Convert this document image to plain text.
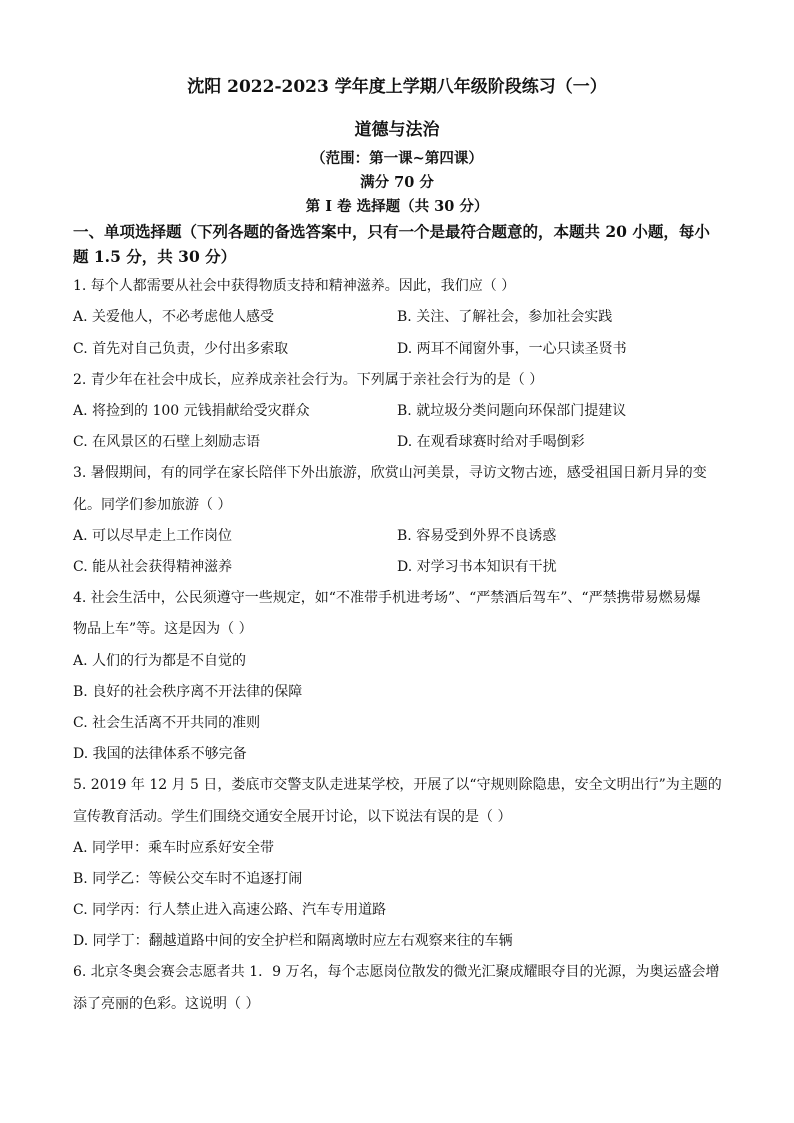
沈阳 2022-2023 学年度上学期八年级阶段练习（一）
道德与法治
（范围：第一课~第四课）
满分 70 分
第 Ⅰ 卷 选择题（共 30 分）
一、单项选择题（下列各题的备选答案中，只有一个是最符合题意的，本题共 20 小题，每小
题 1.5 分，共 30 分）
1. 每个人都需要从社会中获得物质支持和精神滋养。因此，我们应（ ）
A. 关爱他人，不必考虑他人感受	B. 关注、了解社会，参加社会实践
C. 首先对自己负责，少付出多索取	D. 两耳不闻窗外事，一心只读圣贤书
2. 青少年在社会中成长，应养成亲社会行为。下列属于亲社会行为的是（ ）
A. 将捡到的 100 元钱捐献给受灾群众	B. 就垃圾分类问题向环保部门提建议
C. 在风景区的石壁上刻励志语	D. 在观看球赛时给对手喝倒彩
3. 暑假期间，有的同学在家长陪伴下外出旅游，欣赏山河美景，寻访文物古迹，感受祖国日新月异的变
化。同学们参加旅游（ ）
A. 可以尽早走上工作岗位	B. 容易受到外界不良诱惑
C. 能从社会获得精神滋养	D. 对学习书本知识有干扰
4. 社会生活中，公民须遵守一些规定，如“不准带手机进考场”、“严禁酒后驾车”、“严禁携带易燃易爆
物品上车”等。这是因为（ ）
A. 人们的行为都是不自觉的
B. 良好的社会秩序离不开法律的保障
C. 社会生活离不开共同的准则
D. 我国的法律体系不够完备
5. 2019 年 12 月 5 日，娄底市交警支队走进某学校，开展了以“守规则除隐患，安全文明出行”为主题的
宣传教育活动。学生们围绕交通安全展开讨论，以下说法有误的是（ ）
A. 同学甲：乘车时应系好安全带
B. 同学乙：等候公交车时不追逐打闹
C. 同学丙：行人禁止进入高速公路、汽车专用道路
D. 同学丁：翻越道路中间的安全护栏和隔离墩时应左右观察来往的车辆
6. 北京冬奥会赛会志愿者共 1．9 万名，每个志愿岗位散发的微光汇聚成耀眼夺目的光源，为奥运盛会增
添了亮丽的色彩。这说明（ ）
